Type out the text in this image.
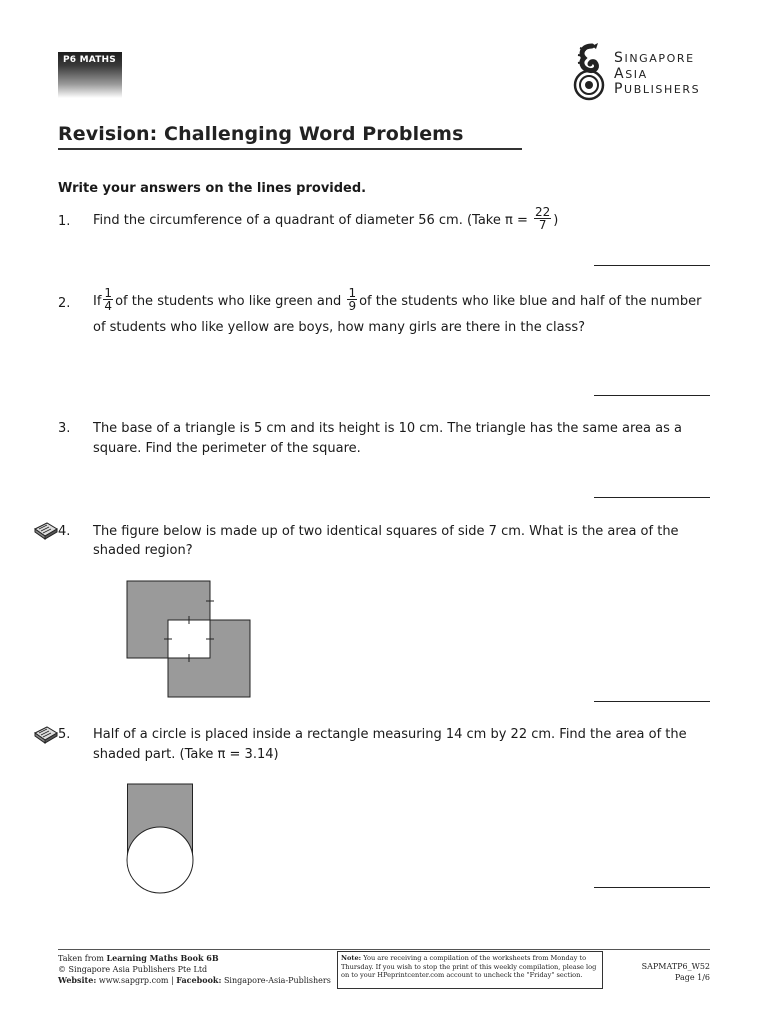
P6 MATHS	SINGAPORE
ASIA
PUBLISHERS
Revision: Challenging Word Problems
Write your answers on the lines provided.
1. Find the circumference of a quadrant of diameter 56 cm. (Take $\pi = \frac{22}{7}$ )
2. If $\frac{1}{4}$ of the students who like green and $\frac{1}{9}$ of the students who like blue and half of the number
of students who like yellow are boys, how many girls are there in the class?
3. The base of a triangle is 5 cm and its height is 10 cm. The triangle has the same area as a
square. Find the perimeter of the square.
4. The figure below is made up of two identical squares of side 7 cm. What is the area of the
shaded region?
5. Half of a circle is placed inside a rectangle measuring 14 cm by 22 cm. Find the area of the
shaded part. (Take π = 3.14)
Taken from Learning Maths Book 6B
© Singapore Asia Publishers Pte Ltd
Website: www.sapgrp.com | Facebook: Singapore-Asia-Publishers
Note: You are receiving a compilation of the worksheets from Monday to Thursday. If you wish to stop the print of this weekly compilation, please log on to your HPeprintcenter.com account to uncheck the "Friday" section.
SAPMATP6_W52
Page 1/6
